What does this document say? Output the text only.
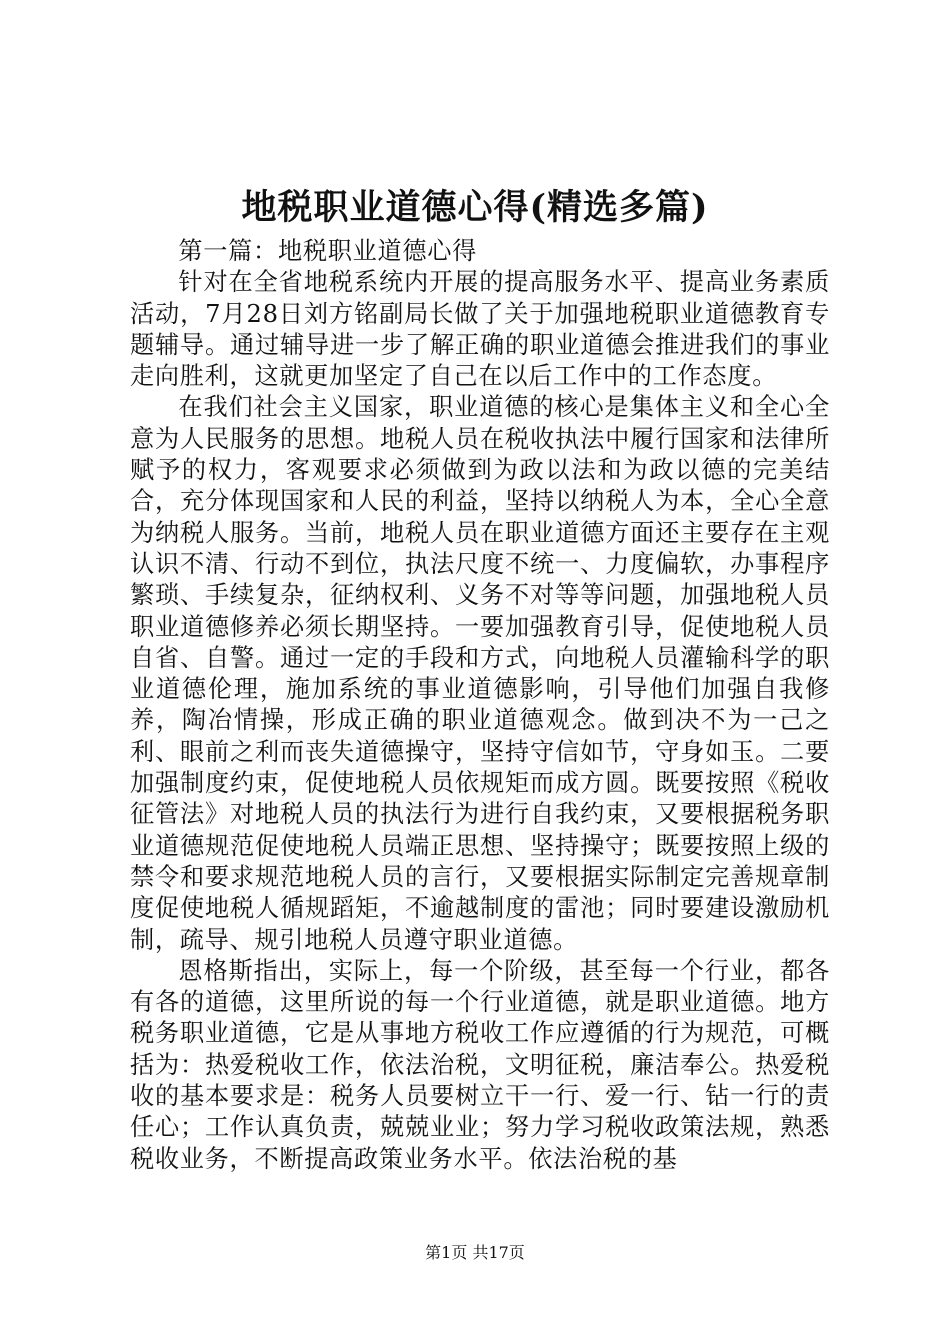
地税职业道德心得(精选多篇)

第一篇：地税职业道德心得

针对在全省地税系统内开展的提高服务水平、提高业务素质活动，7月28日刘方铭副局长做了关于加强地税职业道德教育专题辅导。通过辅导进一步了解正确的职业道德会推进我们的事业走向胜利，这就更加坚定了自己在以后工作中的工作态度。

在我们社会主义国家，职业道德的核心是集体主义和全心全意为人民服务的思想。地税人员在税收执法中履行国家和法律所赋予的权力，客观要求必须做到为政以法和为政以德的完美结合，充分体现国家和人民的利益，坚持以纳税人为本，全心全意为纳税人服务。当前，地税人员在职业道德方面还主要存在主观认识不清、行动不到位，执法尺度不统一、力度偏软，办事程序繁琐、手续复杂，征纳权利、义务不对等等问题，加强地税人员职业道德修养必须长期坚持。一要加强教育引导，促使地税人员自省、自警。通过一定的手段和方式，向地税人员灌输科学的职业道德伦理，施加系统的事业道德影响，引导他们加强自我修养，陶冶情操，形成正确的职业道德观念。做到决不为一己之利、眼前之利而丧失道德操守，坚持守信如节，守身如玉。二要加强制度约束，促使地税人员依规矩而成方圆。既要按照《税收征管法》对地税人员的执法行为进行自我约束，又要根据税务职业道德规范促使地税人员端正思想、坚持操守；既要按照上级的禁令和要求规范地税人员的言行，又要根据实际制定完善规章制度促使地税人循规蹈矩，不逾越制度的雷池；同时要建设激励机制，疏导、规引地税人员遵守职业道德。

恩格斯指出，实际上，每一个阶级，甚至每一个行业，都各有各的道德，这里所说的每一个行业道德，就是职业道德。地方税务职业道德，它是从事地方税收工作应遵循的行为规范，可概括为：热爱税收工作，依法治税，文明征税，廉洁奉公。热爱税收的基本要求是：税务人员要树立干一行、爱一行、钻一行的责任心；工作认真负责，兢兢业业；努力学习税收政策法规，熟悉税收业务，不断提高政策业务水平。依法治税的基

第1页 共17页
